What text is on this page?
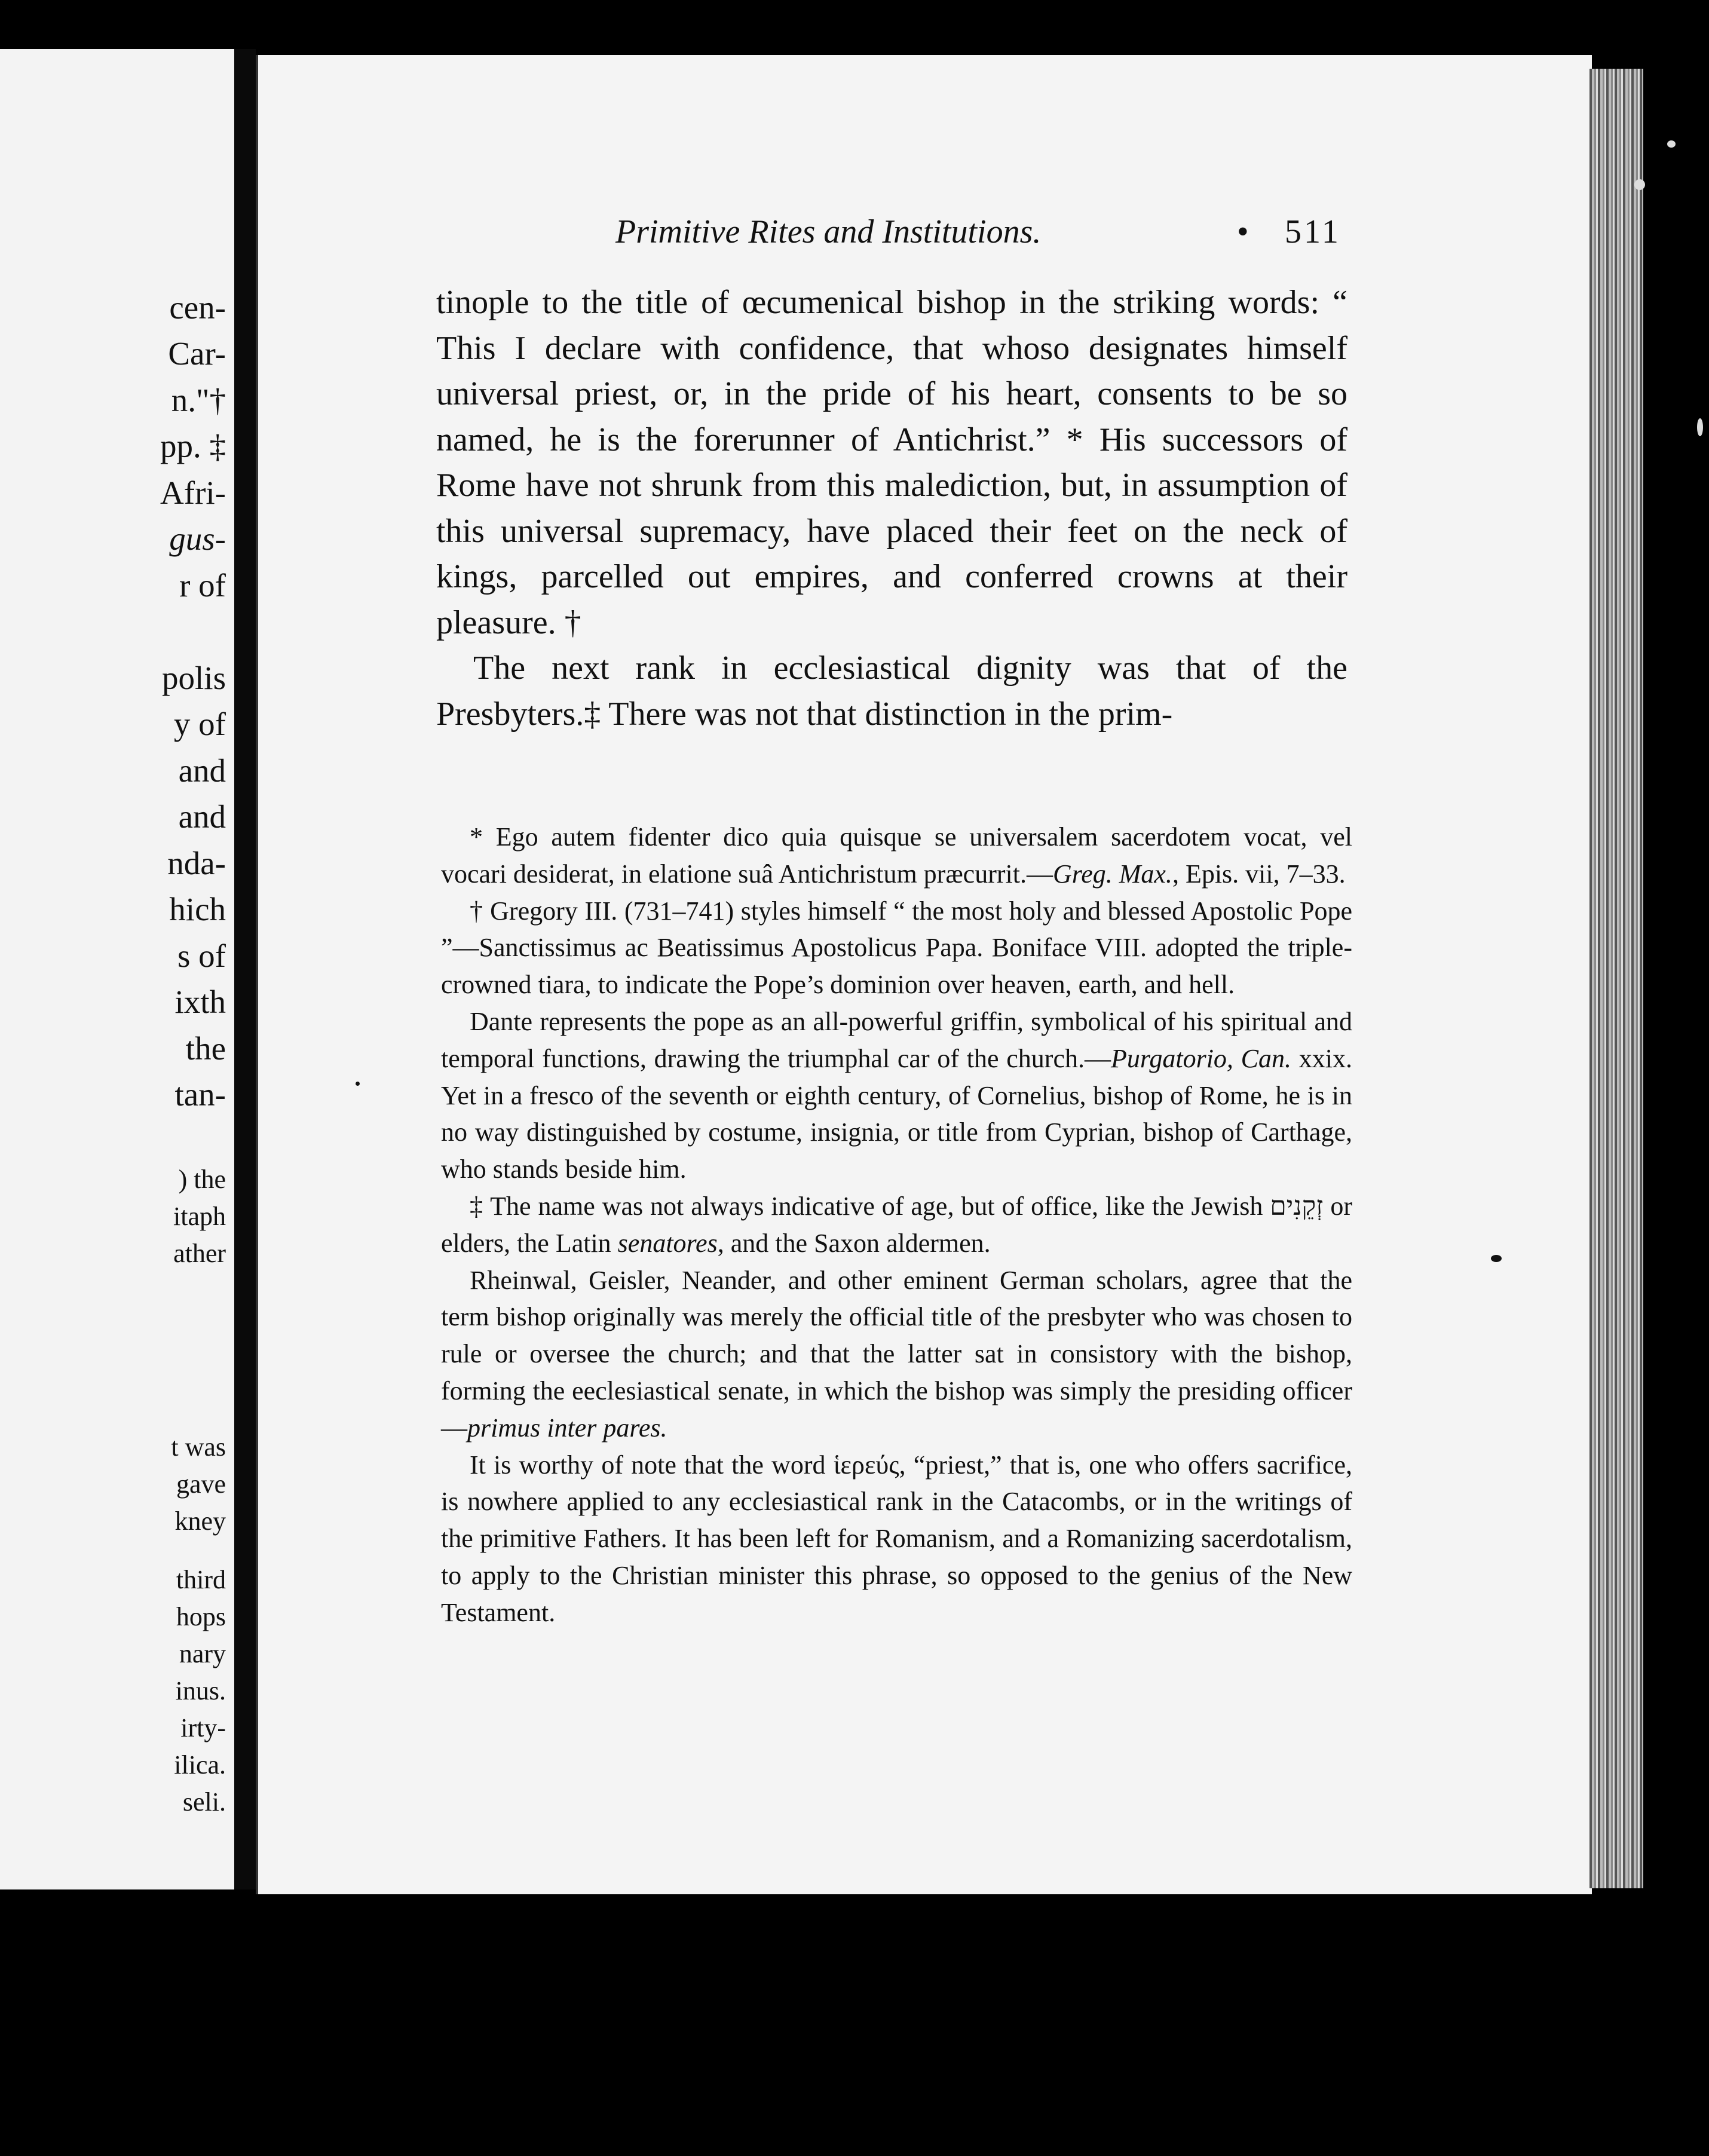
cen-
Car-
n."†
pp. ‡
Afri-
gus-
r of
polis
y of
and
and
nda-
hich
s of
ixth
the
tan-
) the
itaph
ather
t was
gave
kney
third
hops
nary
inus.
irty-
ilica.
seli.
Primitive Rites and Institutions.	• 511

tinople to the title of œcumenical bishop in the striking words: “ This I declare with confidence, that whoso designates himself universal priest, or, in the pride of his heart, consents to be so named, he is the forerunner of Antichrist.” * His successors of Rome have not shrunk from this malediction, but, in assumption of this universal supremacy, have placed their feet on the neck of kings, parcelled out empires, and conferred crowns at their pleasure. †

The next rank in ecclesiastical dignity was that of the Presbyters.‡ There was not that distinction in the prim-

* Ego autem fidenter dico quia quisque se universalem sacerdotem vocat, vel vocari desiderat, in elatione suâ Antichristum præcurrit.—Greg. Max., Epis. vii, 7–33.

† Gregory III. (731–741) styles himself “ the most holy and blessed Apostolic Pope ”—Sanctissimus ac Beatissimus Apostolicus Papa. Boniface VIII. adopted the triple-crowned tiara, to indicate the Pope’s dominion over heaven, earth, and hell.

Dante represents the pope as an all-powerful griffin, symbolical of his spiritual and temporal functions, drawing the triumphal car of the church.—Purgatorio, Can. xxix. Yet in a fresco of the seventh or eighth century, of Cornelius, bishop of Rome, he is in no way distinguished by costume, insignia, or title from Cyprian, bishop of Carthage, who stands beside him.

‡ The name was not always indicative of age, but of office, like the Jewish זְקֵנִים or elders, the Latin senatores, and the Saxon aldermen.

Rheinwal, Geisler, Neander, and other eminent German scholars, agree that the term bishop originally was merely the official title of the presbyter who was chosen to rule or oversee the church; and that the latter sat in consistory with the bishop, forming the eeclesiastical senate, in which the bishop was simply the presiding officer—primus inter pares.

It is worthy of note that the word ἱερεύς, “priest,” that is, one who offers sacrifice, is nowhere applied to any ecclesiastical rank in the Catacombs, or in the writings of the primitive Fathers. It has been left for Romanism, and a Romanizing sacerdotalism, to apply to the Christian minister this phrase, so opposed to the genius of the New Testament.
